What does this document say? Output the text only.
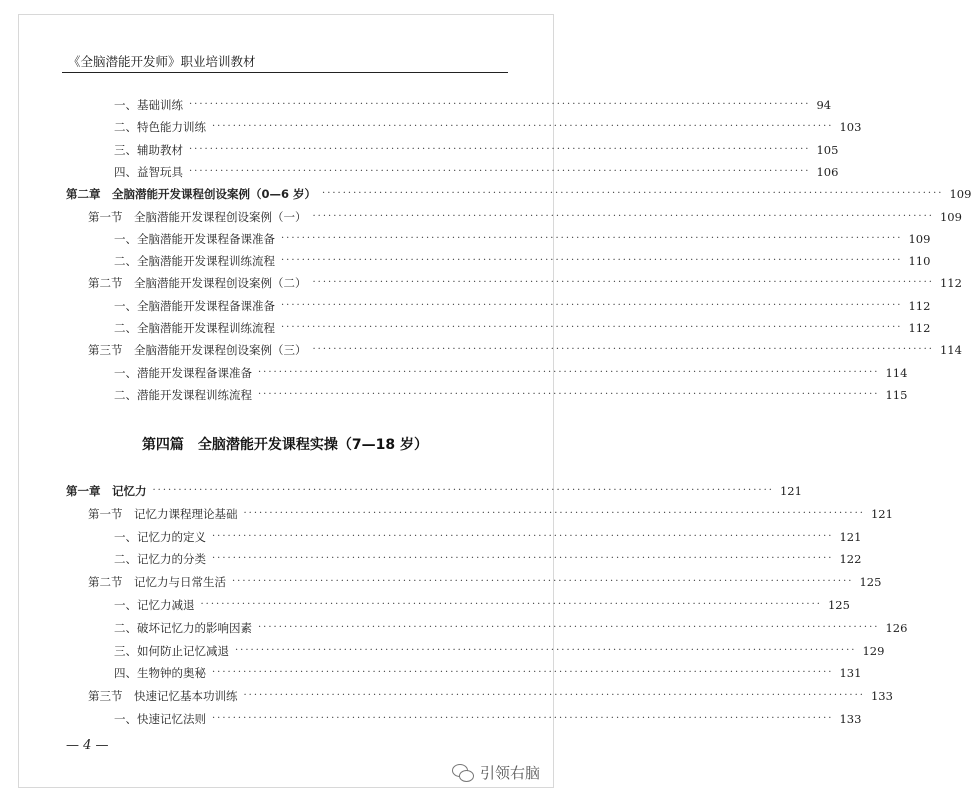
《全脑潜能开发师》职业培训教材
一、基础训练 ························································································································ 94
二、特色能力训练 ························································································································ 103
三、辅助教材 ························································································································ 105
四、益智玩具 ························································································································ 106
第二章　全脑潜能开发课程创设案例（0—6 岁） ························································································································ 109
第一节　全脑潜能开发课程创设案例（一） ························································································································ 109
一、全脑潜能开发课程备课准备 ························································································································ 109
二、全脑潜能开发课程训练流程 ························································································································ 110
第二节　全脑潜能开发课程创设案例（二） ························································································································ 112
一、全脑潜能开发课程备课准备 ························································································································ 112
二、全脑潜能开发课程训练流程 ························································································································ 112
第三节　全脑潜能开发课程创设案例（三） ························································································································ 114
一、潜能开发课程备课准备 ························································································································ 114
二、潜能开发课程训练流程 ························································································································ 115
第四篇　全脑潜能开发课程实操（7—18 岁）
第一章　记忆力 ························································································································ 121
第一节　记忆力课程理论基础 ························································································································ 121
一、记忆力的定义 ························································································································ 121
二、记忆力的分类 ························································································································ 122
第二节　记忆力与日常生活 ························································································································ 125
一、记忆力减退 ························································································································ 125
二、破坏记忆力的影响因素 ························································································································ 126
三、如何防止记忆减退 ························································································································ 129
四、生物钟的奥秘 ························································································································ 131
第三节　快速记忆基本功训练 ························································································································ 133
一、快速记忆法则 ························································································································ 133
— 4 —
引领右脑
